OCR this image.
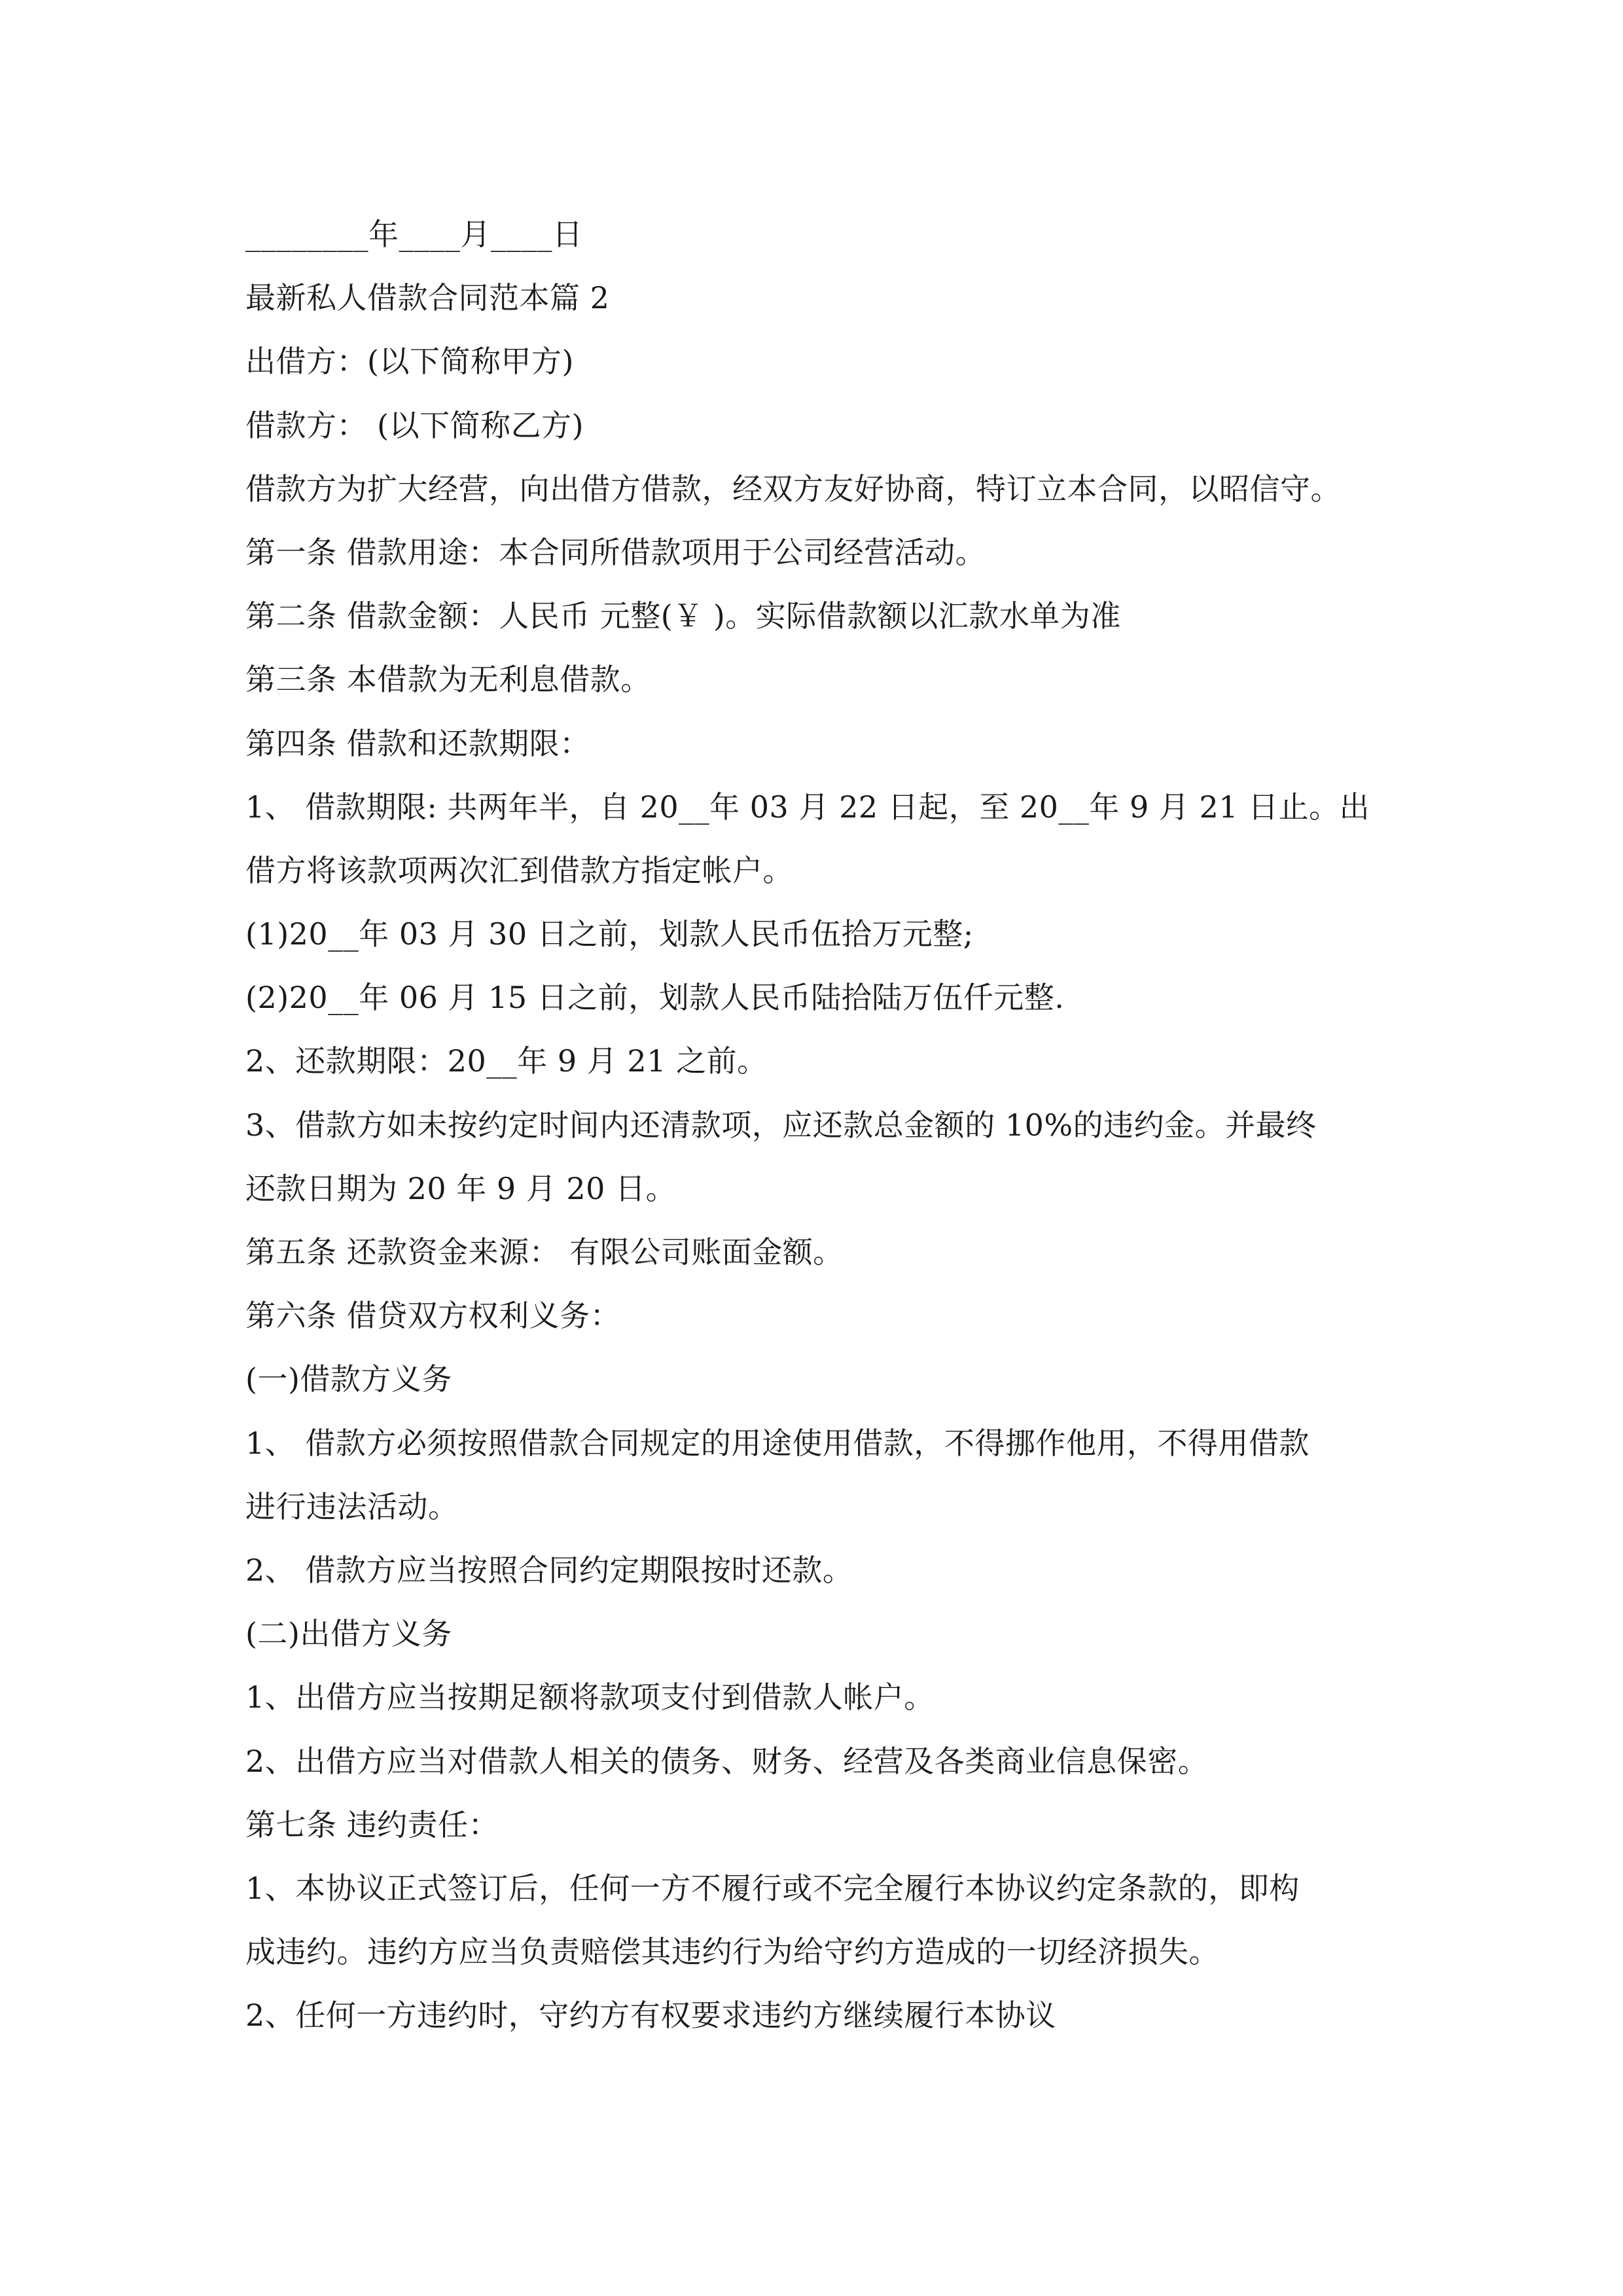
________年____月____日
最新私人借款合同范本篇 2
出借方：(以下简称甲方)
借款方： (以下简称乙方)
借款方为扩大经营，向出借方借款，经双方友好协商，特订立本合同，以昭信守。
第一条 借款用途：本合同所借款项用于公司经营活动。
第二条 借款金额：人民币 元整(￥ )。实际借款额以汇款水单为准
第三条 本借款为无利息借款。
第四条 借款和还款期限：
1、 借款期限: 共两年半，自 20__年 03 月 22 日起，至 20__年 9 月 21 日止。出
借方将该款项两次汇到借款方指定帐户。
(1)20__年 03 月 30 日之前，划款人民币伍拾万元整;
(2)20__年 06 月 15 日之前，划款人民币陆拾陆万伍仟元整.
2、还款期限：20__年 9 月 21 之前。
3、借款方如未按约定时间内还清款项，应还款总金额的 10%的违约金。并最终
还款日期为 20 年 9 月 20 日。
第五条 还款资金来源： 有限公司账面金额。
第六条 借贷双方权利义务：
(一)借款方义务
1、 借款方必须按照借款合同规定的用途使用借款，不得挪作他用，不得用借款
进行违法活动。
2、 借款方应当按照合同约定期限按时还款。
(二)出借方义务
1、出借方应当按期足额将款项支付到借款人帐户。
2、出借方应当对借款人相关的债务、财务、经营及各类商业信息保密。
第七条 违约责任：
1、本协议正式签订后，任何一方不履行或不完全履行本协议约定条款的，即构
成违约。违约方应当负责赔偿其违约行为给守约方造成的一切经济损失。
2、任何一方违约时，守约方有权要求违约方继续履行本协议
